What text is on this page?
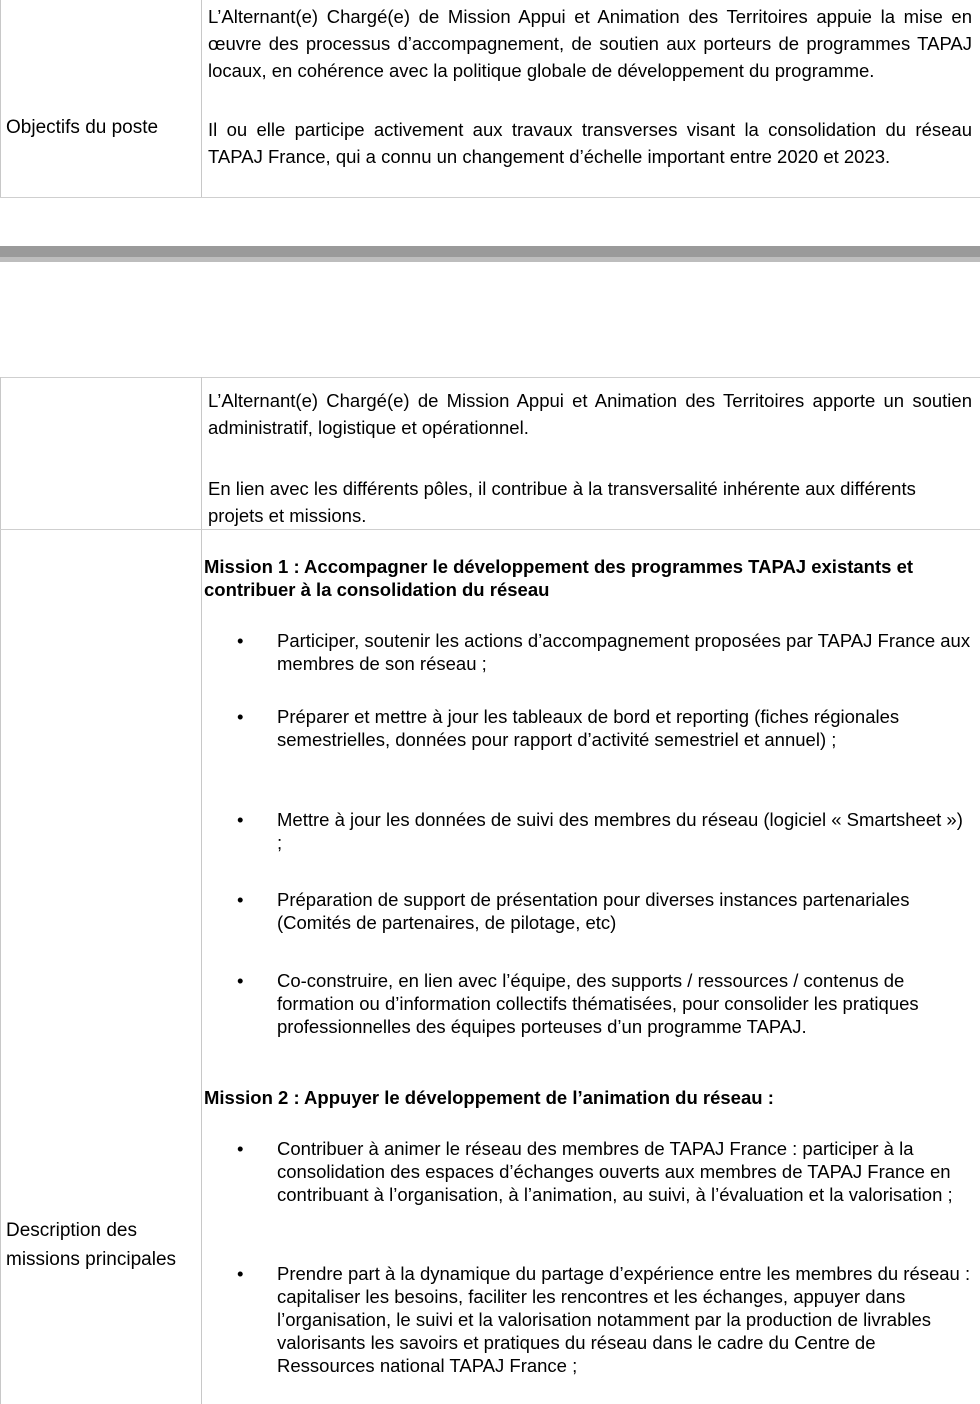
Objectifs du poste
L’Alternant(e) Chargé(e) de Mission Appui et Animation des Territoires appuie la mise en œuvre des processus d’accompagnement, de soutien aux porteurs de programmes TAPAJ locaux, en cohérence avec la politique globale de développement du programme.
Il ou elle participe activement aux travaux transverses visant la consolidation du réseau TAPAJ France, qui a connu un changement d’échelle important entre 2020 et 2023.
L’Alternant(e) Chargé(e) de Mission Appui et Animation des Territoires apporte un soutien administratif, logistique et opérationnel.
En lien avec les différents pôles, il contribue à la transversalité inhérente aux différents projets et missions.
Description des missions principales
Mission 1 : Accompagner le développement des programmes TAPAJ existants et contribuer à la consolidation du réseau
• Participer, soutenir les actions d’accompagnement proposées par TAPAJ France aux membres de son réseau ;
• Préparer et mettre à jour les tableaux de bord et reporting (fiches régionales semestrielles, données pour rapport d’activité semestriel et annuel) ;
• Mettre à jour les données de suivi des membres du réseau (logiciel « Smartsheet ») ;
• Préparation de support de présentation pour diverses instances partenariales (Comités de partenaires, de pilotage, etc)
• Co-construire, en lien avec l’équipe, des supports / ressources / contenus de formation ou d’information collectifs thématisées, pour consolider les pratiques professionnelles des équipes porteuses d’un programme TAPAJ.
Mission 2 : Appuyer le développement de l’animation du réseau :
• Contribuer à animer le réseau des membres de TAPAJ France : participer à la consolidation des espaces d’échanges ouverts aux membres de TAPAJ France en contribuant à l’organisation, à l’animation, au suivi, à l’évaluation et la valorisation ;
• Prendre part à la dynamique du partage d’expérience entre les membres du réseau : capitaliser les besoins, faciliter les rencontres et les échanges, appuyer dans l’organisation, le suivi et la valorisation notamment par la production de livrables valorisants les savoirs et pratiques du réseau dans le cadre du Centre de Ressources national TAPAJ France ;
